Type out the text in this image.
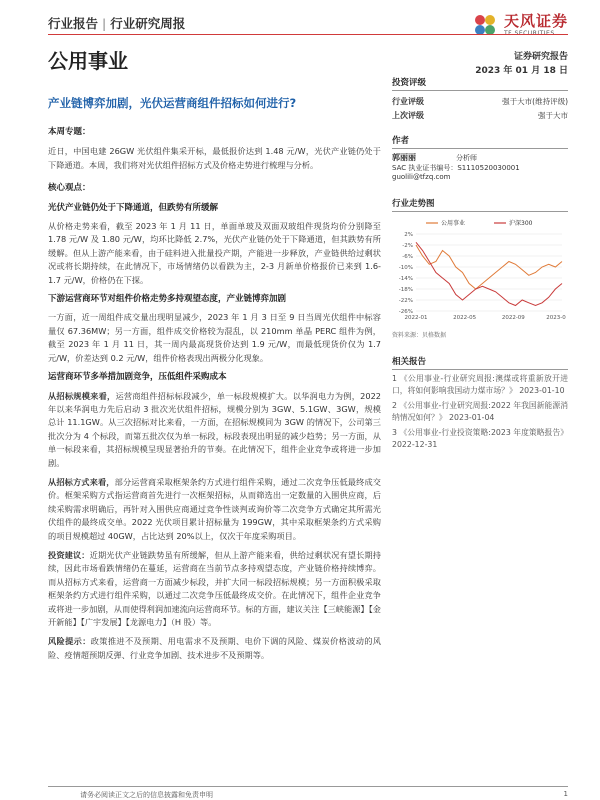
行业报告 | 行业研究周报	天风证券
TF SECURITIES
公用事业	证券研究报告
2023 年 01 月 18 日
产业链博弈加剧，光伏运营商组件招标如何进行?
本周专题：
近日，中国电建 26GW 光伏组件集采开标，最低报价达到 1.48 元/W，光伏产业链仍处于下降通道。本周，我们将对光伏组件招标方式及价格走势进行梳理与分析。
核心观点：
光伏产业链仍处于下降通道，但跌势有所缓解
从价格走势来看，截至 2023 年 1 月 11 日，单面单玻及双面双玻组件现货均价分别降至 1.78 元/W 及 1.80 元/W，均环比降低 2.7%，光伏产业链仍处于下降通道，但其跌势有所缓解。但从上游产能来看，由于硅料进入批量投产期，产能进一步释放，产业链供给过剩状况或将长期持续，在此情况下，市场情绪仍以看跌为主，2-3 月新单价格报价已来到 1.6-1.7 元/W，价格仍在下探。
下游运营商环节对组件价格走势多持观望态度，产业链博弈加剧
一方面，近一周组件成交量出现明显减少，2023 年 1 月 3 日至 9 日当周光伏组件中标容量仅 67.36MW；另一方面，组件成交价格较为混乱，以 210mm 单晶 PERC 组件为例，截至 2023 年 1 月 11 日，其一周内最高现货价达到 1.9 元/W，而最低现货价仅为 1.7 元/W，价差达到 0.2 元/W，组件价格表现出两极分化现象。
运营商环节多举措加剧竞争，压低组件采购成本
从招标规模来看，运营商组件招标标段减少，单一标段规模扩大。以华润电力为例，2022 年以来华润电力先后启动 3 批次光伏组件招标，规模分别为 3GW、5.1GW、3GW，规模总计 11.1GW。从三次招标对比来看，一方面，在招标规模同为 3GW 的情况下，公司第三批次分为 4 个标段，而第五批次仅为单一标段，标段表现出明显的减少趋势；另一方面，从单一标段来看，其招标规模呈现显著抬升的节奏。在此情况下，组件企业竞争或将进一步加剧。
从招标方式来看，部分运营商采取框架条约方式进行组件采购，通过二次竞争压低最终成交价。框架采购方式指运营商首先进行一次框架招标，从而筛选出一定数量的入围供应商，后续采购需求明确后，再针对入围供应商通过竞争性谈判或询价等二次竞争方式确定其所需光伏组件的最终成交单。2022 光伏项目累计招标量为 199GW，其中采取框架条约方式采购的项目规模超过 40GW，占比达到 20%以上，仅次于年度采购项目。
投资建议：近期光伏产业链跌势虽有所缓解，但从上游产能来看，供给过剩状况有望长期持续，因此市场看跌情绪仍在蔓延，运营商在当前节点多持观望态度，产业链价格持续博弈。而从招标方式来看，运营商一方面减少标段，并扩大同一标段招标规模；另一方面积极采取框架条约方式进行组件采购，以通过二次竞争压低最终成交价。在此情况下，组件企业竞争或将进一步加剧，从而使得利润加速流向运营商环节。标的方面，建议关注【三峡能源】【金开新能】【广宇发展】【龙源电力】（H 股）等。
风险提示：政策推进不及预期、用电需求不及预期、电价下调的风险、煤炭价格波动的风险、疫情超预期反弹、行业竞争加剧、技术进步不及预期等。
投资评级
行业评级	强于大市(维持评级)
上次评级	强于大市
作者
郭丽丽	分析师
SAC 执业证书编号：S1110520030001
guolili@tfzq.com
行业走势图
2%
-2%
-6%
-10%
-14%
-18%
-22%
-26%
2022-01	2022-05	2022-09	2023-0
公用事业	沪深300
资料来源：贝格数据
相关报告
1 《公用事业-行业研究周报:澳煤或将重新放开进口，将如何影响我国动力煤市场？》 2023-01-10
2 《公用事业-行业研究周报:2022 年我国新能源消纳情况如何？》 2023-01-04
3 《公用事业-行业投资策略:2023 年度策略报告》 2022-12-31
请务必阅读正文之后的信息披露和免责申明	1
